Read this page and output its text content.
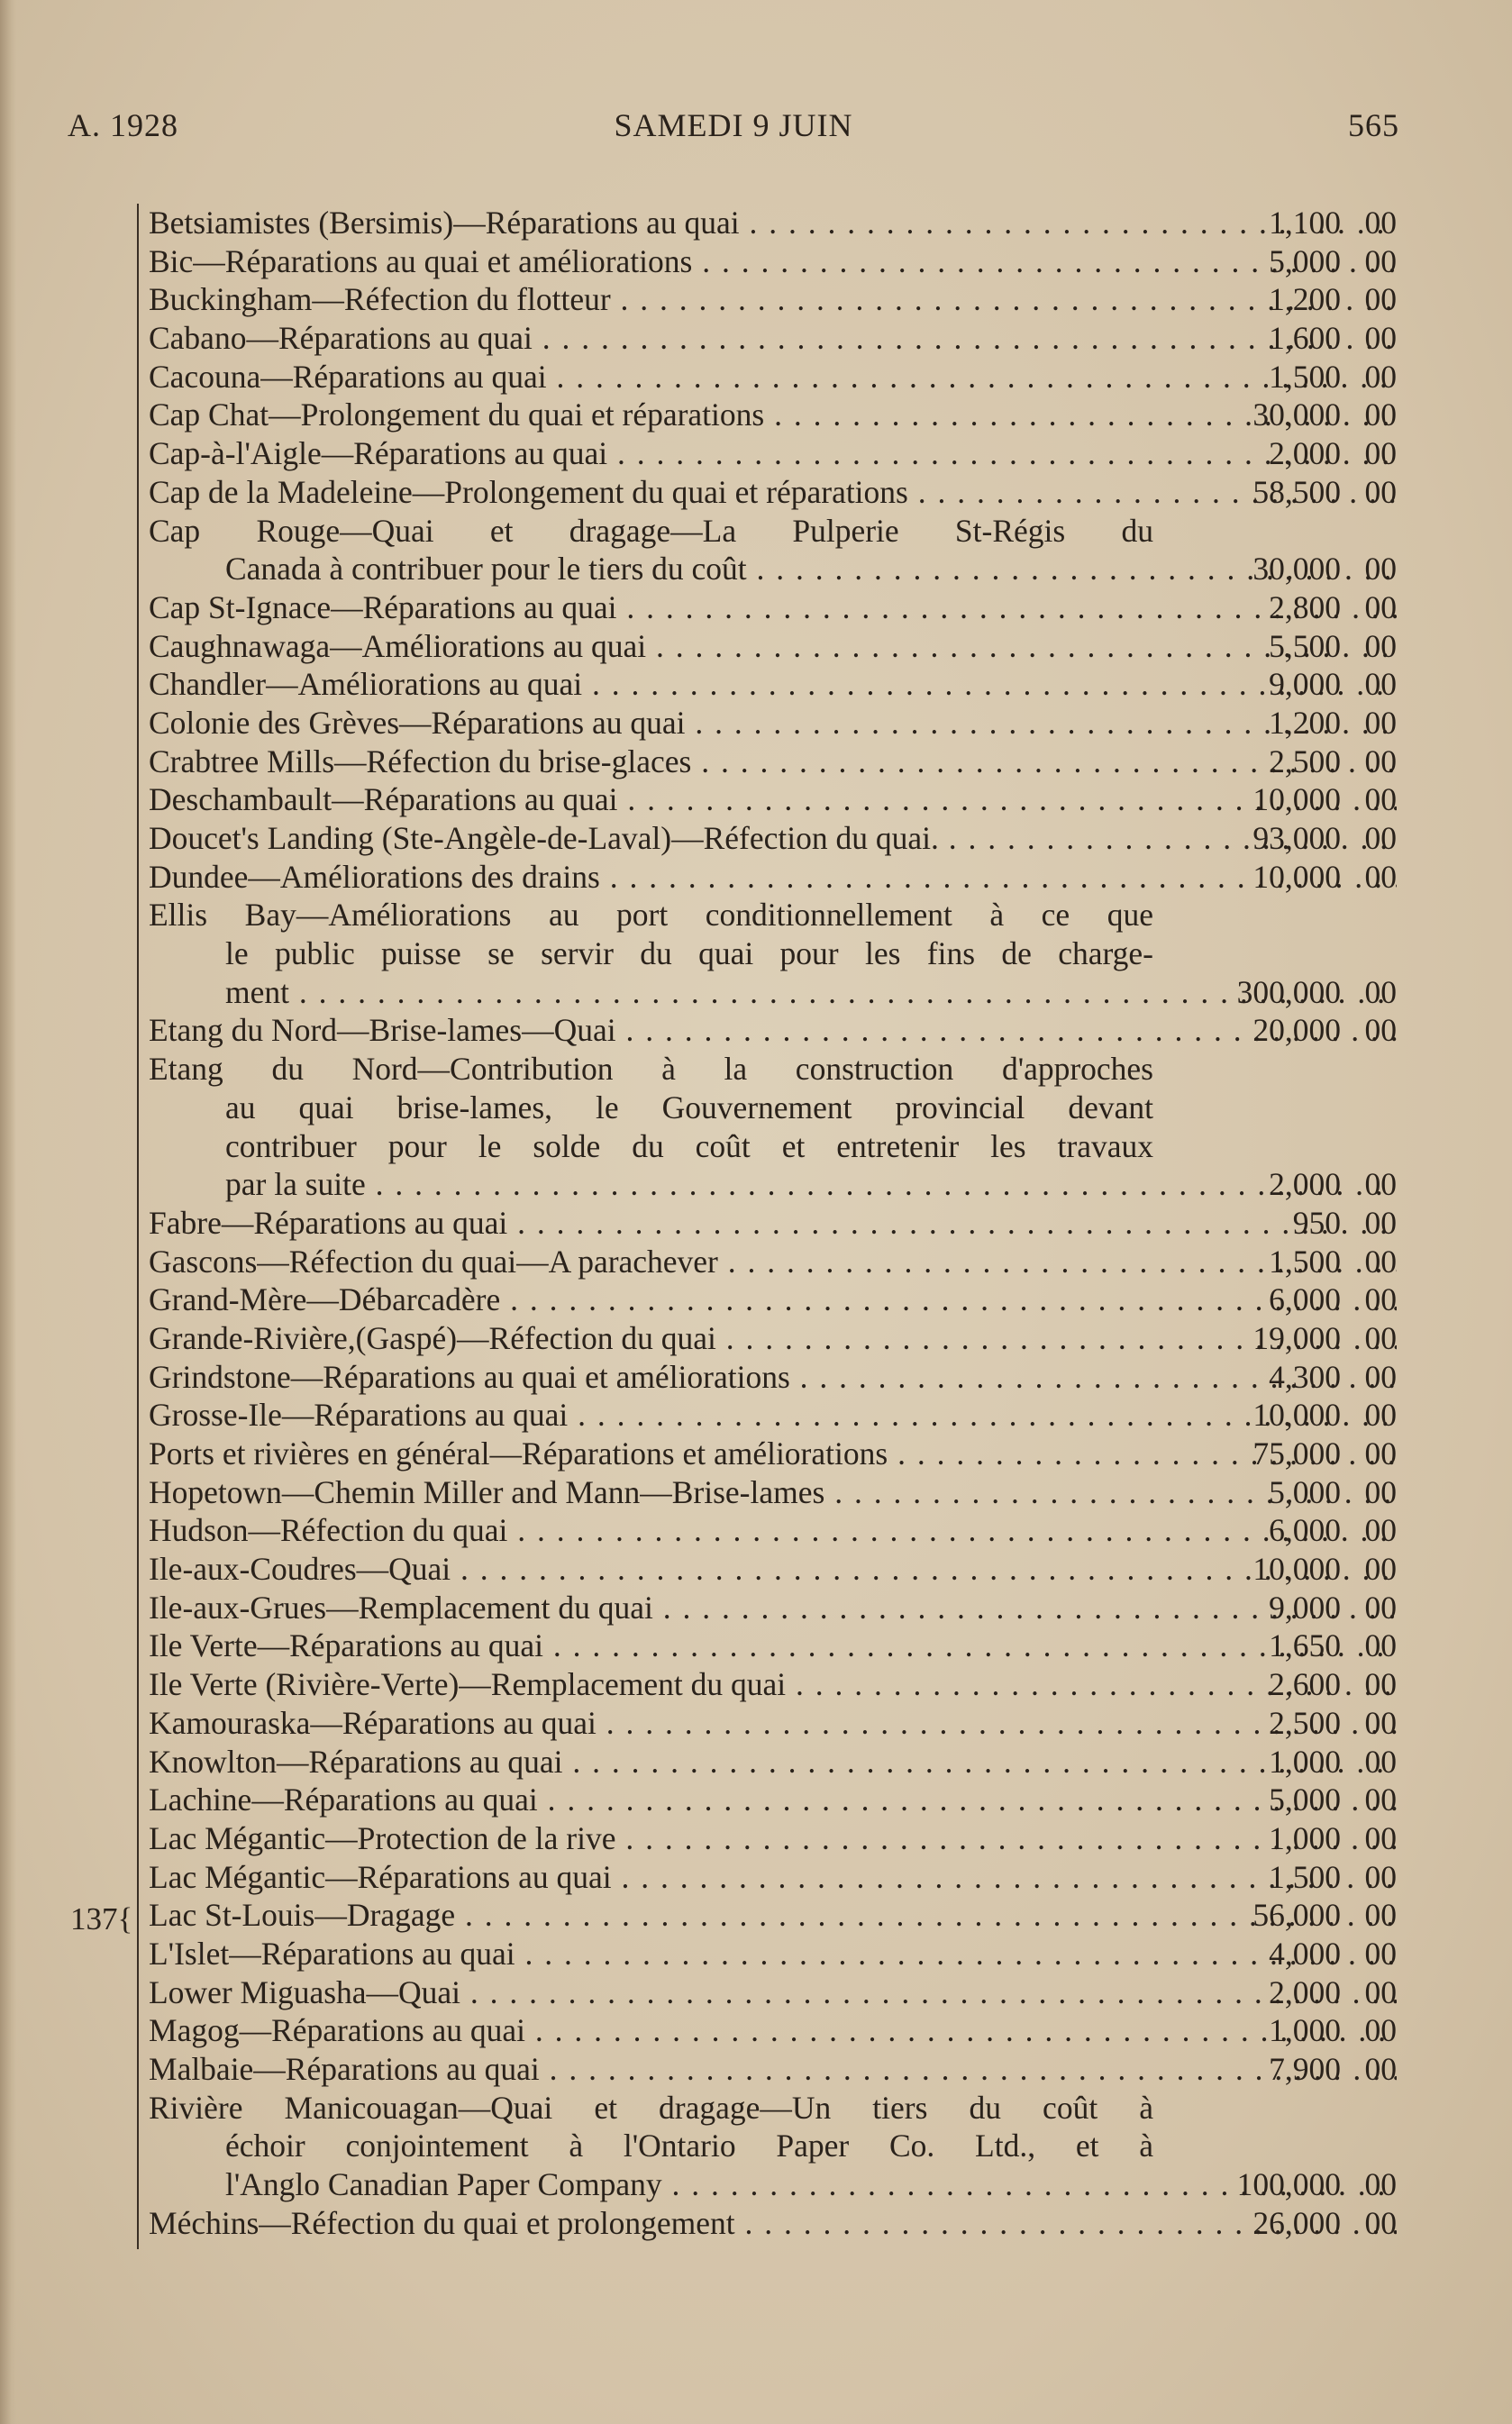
A. 1928	SAMEDI 9 JUIN	565
137{
Betsiamistes (Bersimis)—Réparations au quai	1,100 00
. . .
Bic—Réparations au quai et améliorations	5,000 00
. . .
Buckingham—Réfection du flotteur	1,200 00
. . .
Cabano—Réparations au quai	1,600 00
. . .
Cacouna—Réparations au quai	1,500 00
. . .
Cap Chat—Prolongement du quai et réparations	30,000 00
. . .
Cap-à-l'Aigle—Réparations au quai	2,000 00
. . .
Cap de la Madeleine—Prolongement du quai et réparations	58,500 00
. . .
Cap Rouge—Quai et dragage—La Pulperie St-Régis du
Canada à contribuer pour le tiers du coût	30,000 00
. . .
Cap St-Ignace—Réparations au quai	2,800 00
. . .
Caughnawaga—Améliorations au quai	5,500 00
. . .
Chandler—Améliorations au quai	9,000 00
. . .
Colonie des Grèves—Réparations au quai	1,200 00
. . .
Crabtree Mills—Réfection du brise-glaces	2,500 00
. . .
Deschambault—Réparations au quai	10,000 00
. . .
Doucet's Landing (Ste-Angèle-de-Laval)—Réfection du quai.	93,000 00
. . .
Dundee—Améliorations des drains	10,000 00
. . .
Ellis Bay—Améliorations au port conditionnellement à ce que
le public puisse se servir du quai pour les fins de charge-
ment	300,000 00
. . .
Etang du Nord—Brise-lames—Quai	20,000 00
. . .
Etang du Nord—Contribution à la construction d'approches
au quai brise-lames, le Gouvernement provincial devant
contribuer pour le solde du coût et entretenir les travaux
par la suite	2,000 00
. . .
Fabre—Réparations au quai	950 00
. . .
Gascons—Réfection du quai—A parachever	1,500 00
. . .
Grand-Mère—Débarcadère	6,000 00
. . .
Grande-Rivière,(Gaspé)—Réfection du quai	19,000 00
. . .
Grindstone—Réparations au quai et améliorations	4,300 00
. . .
Grosse-Ile—Réparations au quai	10,000 00
. . .
Ports et rivières en général—Réparations et améliorations	75,000 00
. . .
Hopetown—Chemin Miller and Mann—Brise-lames	5,000 00
. . .
Hudson—Réfection du quai	6,000 00
. . .
Ile-aux-Coudres—Quai	10,000 00
. . .
Ile-aux-Grues—Remplacement du quai	9,000 00
. . .
Ile Verte—Réparations au quai	1,650 00
. . .
Ile Verte (Rivière-Verte)—Remplacement du quai	2,600 00
. . .
Kamouraska—Réparations au quai	2,500 00
. . .
Knowlton—Réparations au quai	1,000 00
. . .
Lachine—Réparations au quai	5,000 00
. . .
Lac Mégantic—Protection de la rive	1,000 00
. . .
Lac Mégantic—Réparations au quai	1,500 00
. . .
Lac St-Louis—Dragage	56,000 00
. . .
L'Islet—Réparations au quai	4,000 00
. . .
Lower Miguasha—Quai	2,000 00
. . .
Magog—Réparations au quai	1,000 00
. . .
Malbaie—Réparations au quai	7,900 00
. . .
Rivière Manicouagan—Quai et dragage—Un tiers du coût à
échoir conjointement à l'Ontario Paper Co. Ltd., et à
l'Anglo Canadian Paper Company	100,000 00
. . .
Méchins—Réfection du quai et prolongement	26,000 00
. . .
